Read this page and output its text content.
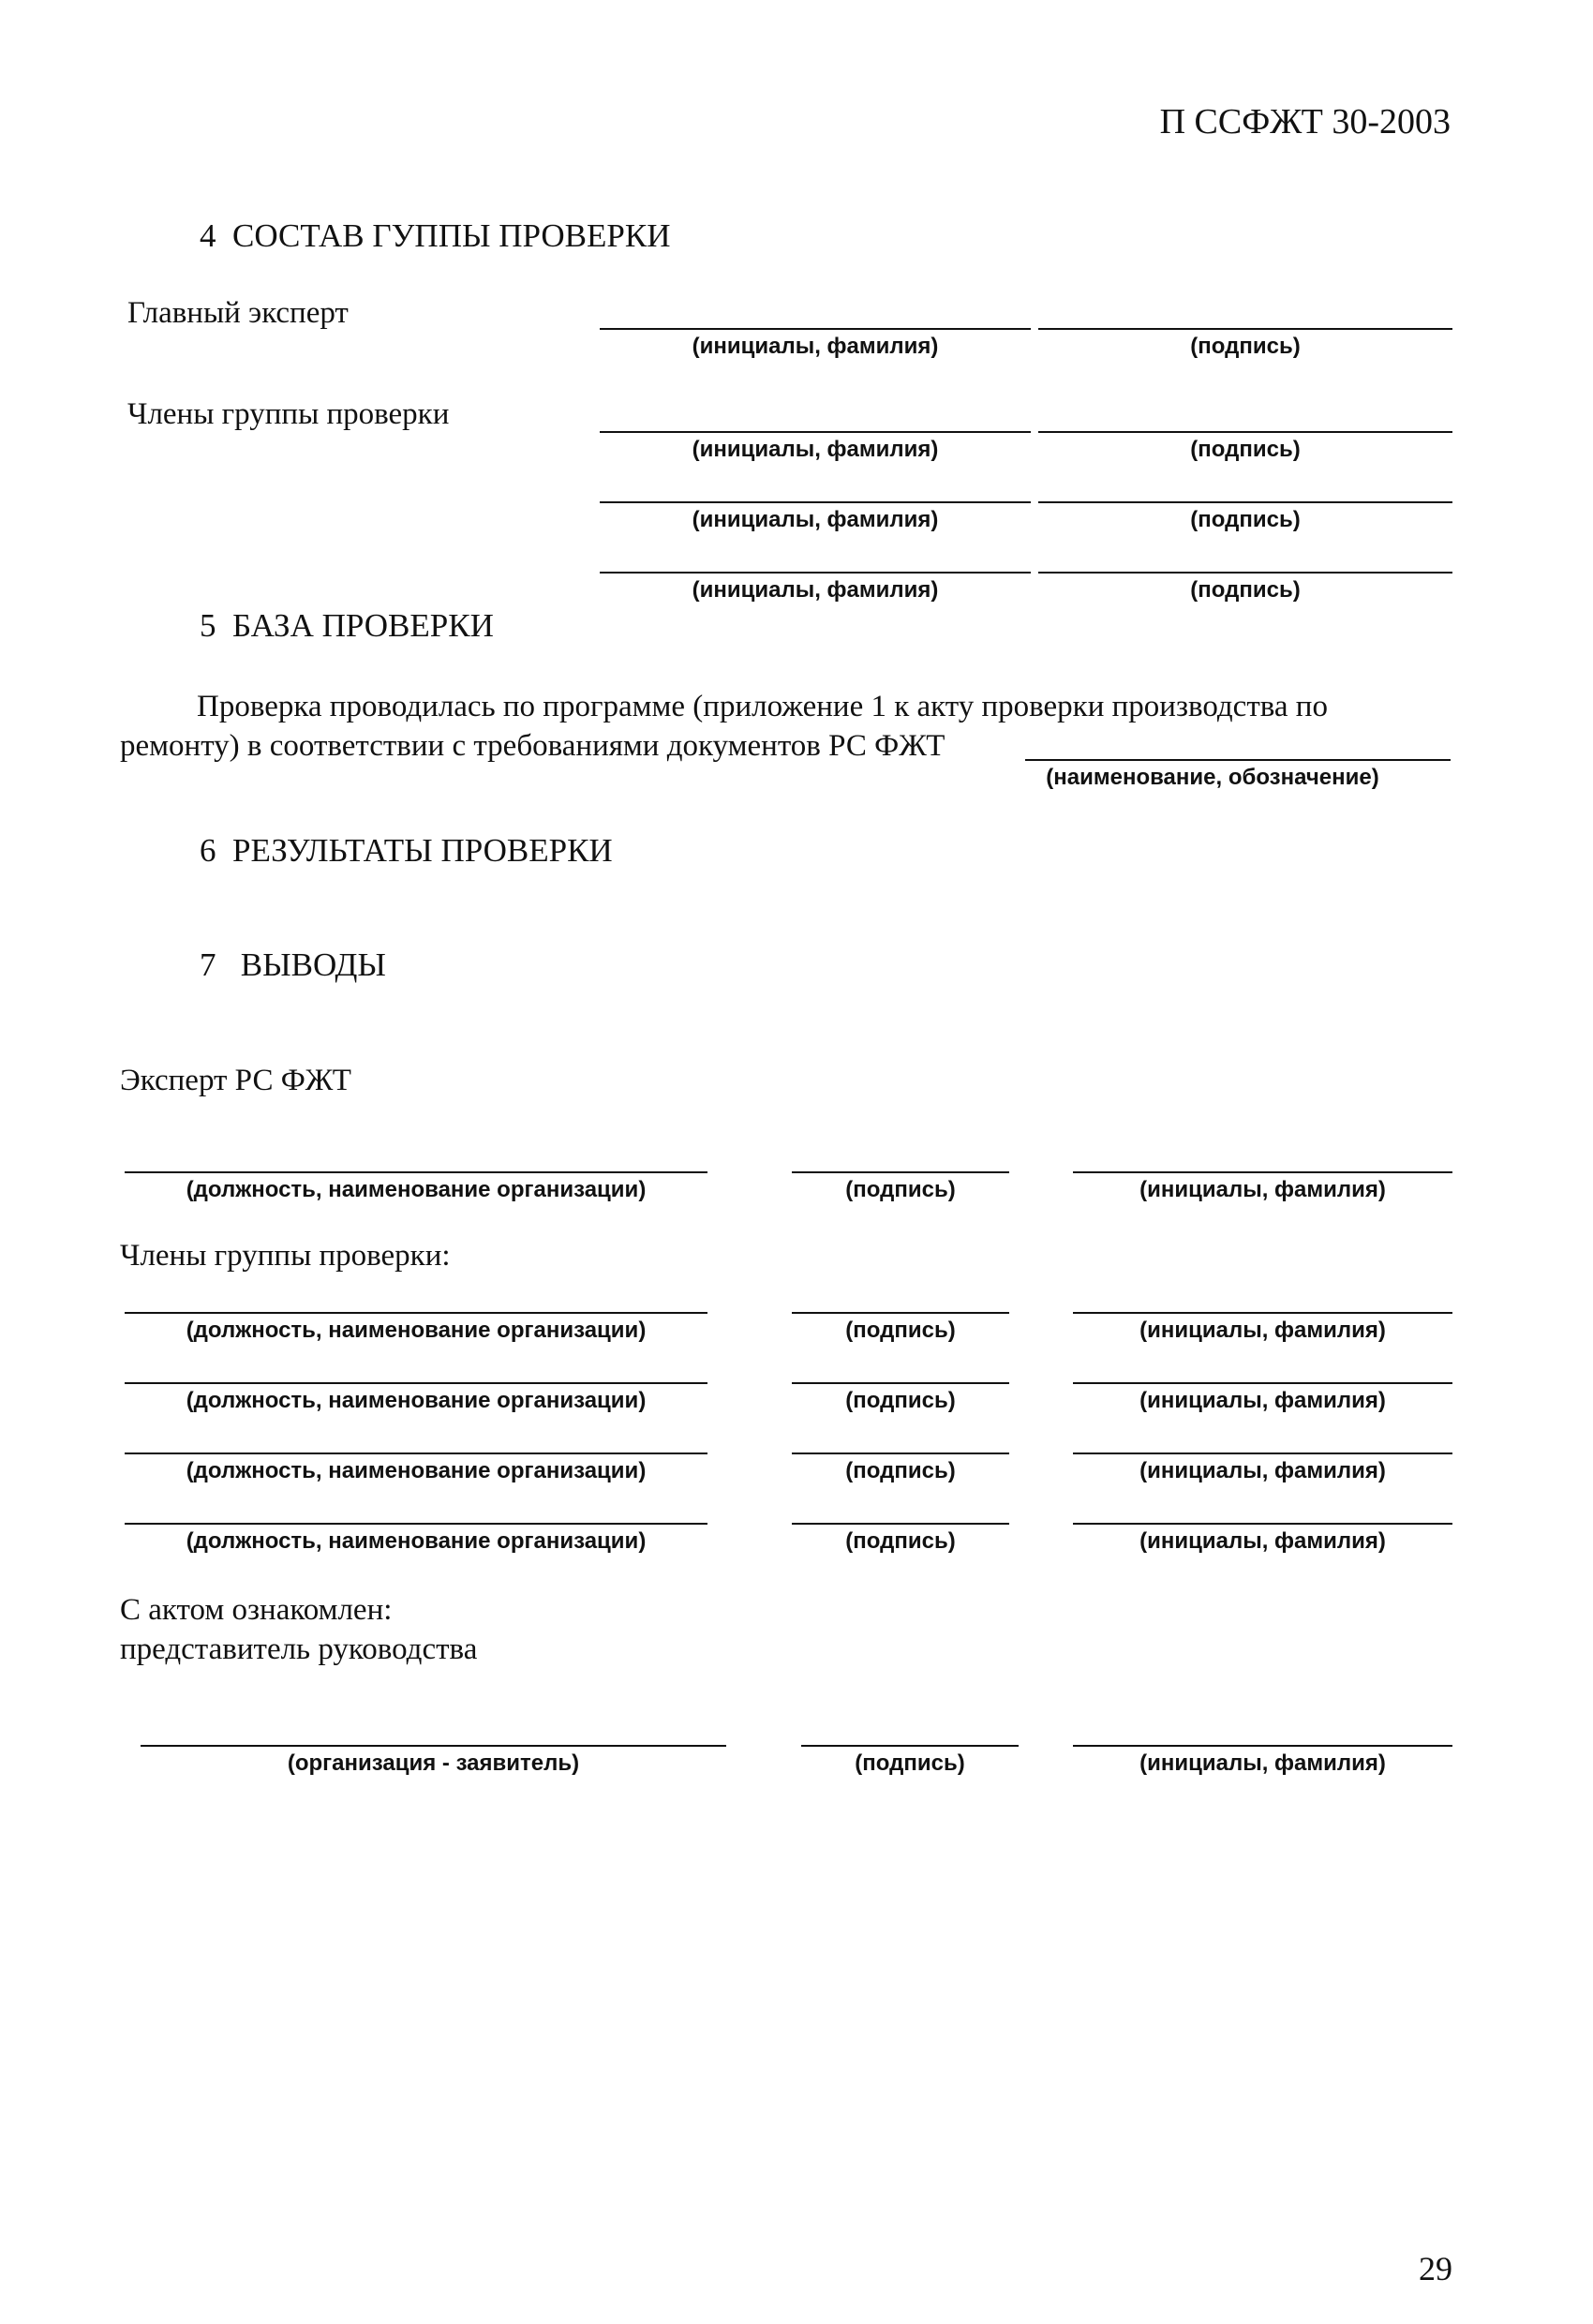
П ССФЖТ 30-2003
4 СОСТАВ ГУППЫ ПРОВЕРКИ
Главный эксперт
(инициалы, фамилия)	(подпись)
Члены группы проверки
(инициалы, фамилия)	(подпись)
(инициалы, фамилия)	(подпись)
(инициалы, фамилия)	(подпись)
5 БАЗА ПРОВЕРКИ
Проверка проводилась по программе (приложение 1 к акту проверки производства по
ремонту) в соответствии с требованиями документов РС ФЖТ
(наименование, обозначение)
6 РЕЗУЛЬТАТЫ ПРОВЕРКИ
7 ВЫВОДЫ
Эксперт РС ФЖТ
(должность, наименование организации)	(подпись)	(инициалы, фамилия)
Члены группы проверки:
(должность, наименование организации)	(подпись)	(инициалы, фамилия)
(должность, наименование организации)	(подпись)	(инициалы, фамилия)
(должность, наименование организации)	(подпись)	(инициалы, фамилия)
(должность, наименование организации)	(подпись)	(инициалы, фамилия)
С актом ознакомлен:
представитель руководства
(организация - заявитель)	(подпись)	(инициалы, фамилия)
29
